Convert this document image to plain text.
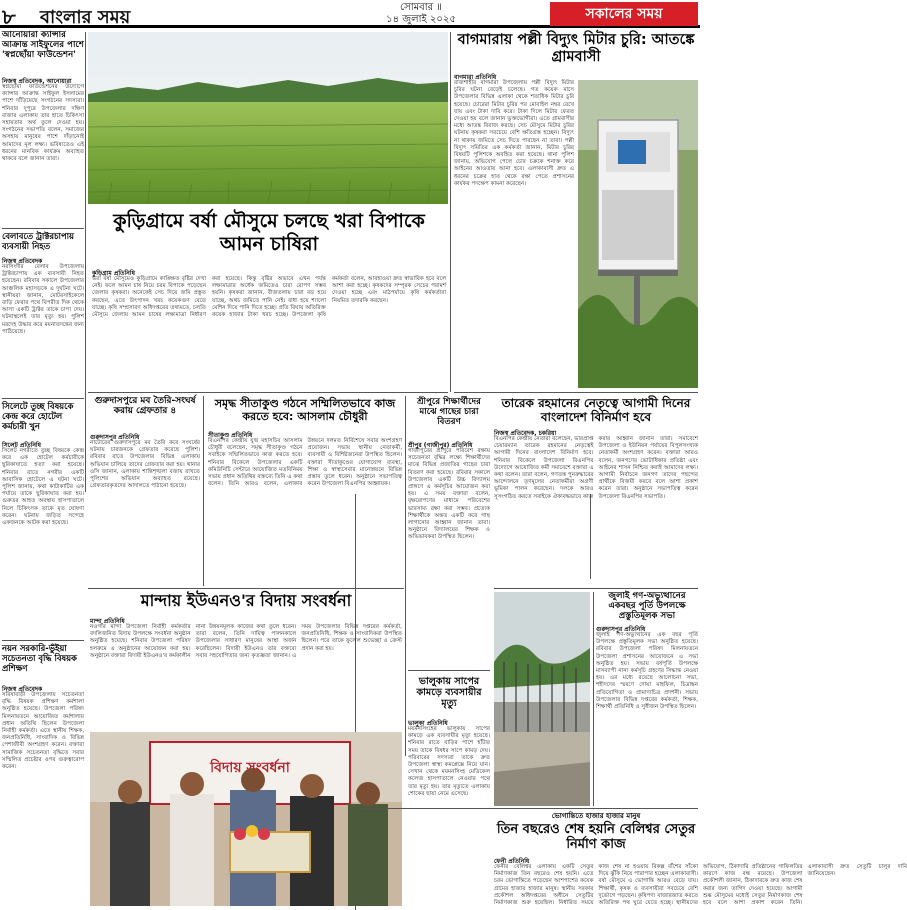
৮ বাংলার সময়	সোমবার ॥
১৪ জুলাই ২০২৫	সকালের সময়
আনোয়ারা ক্যান্সার আক্রান্ত সাইফুলের পাশে 'স্বপ্নছোঁয়া ফাউন্ডেশন'
নিজস্ব প্রতিবেদক, আনোয়ারা
স্বপ্নছোঁয়া ফাউন্ডেশনের উদ্যোগে ক্যান্সার আক্রান্ত সাইফুল ইসলামের পাশে দাঁড়িয়েছে সংগঠনের সদস্যরা। শনিবার দুপুরে উপজেলার দক্ষিণ বাজার এলাকায় তার হাতে চিকিৎসা সহায়তার অর্থ তুলে দেওয়া হয়। সংগঠনের সভাপতি বলেন, সমাজের অসহায় মানুষের পাশে দাঁড়ানোই আমাদের মূল লক্ষ্য। ভবিষ্যতেও এই ধরনের মানবিক কার্যক্রম অব্যাহত থাকবে বলে জানান তারা।
বেলাবতে ট্রাক্টরচাপায় ব্যবসায়ী নিহত
নিজস্ব প্রতিবেদক
নরসিংদীর বেলাব উপজেলায় ট্রাক্টরচাপায় এক ব্যবসায়ী নিহত হয়েছেন। রবিবার সকালে উপজেলার আঞ্চলিক মহাসড়কে এ দুর্ঘটনা ঘটে। স্থানীয়রা জানান, মোটরসাইকেলে বাড়ি ফেরার পথে বিপরীত দিক থেকে আসা একটি ট্রাক্টর তাকে চাপা দেয়। ঘটনাস্থলেই তার মৃত্যু হয়। পুলিশ মরদেহ উদ্ধার করে ময়নাতদন্তের জন্য পাঠিয়েছে।
সিলেটে তুচ্ছ বিষয়কে কেন্দ্র করে হোটেল কর্মচারী খুন
সিলেট প্রতিনিধি
সিলেট নগরীতে তুচ্ছ বিষয়কে কেন্দ্র করে এক হোটেল কর্মচারীকে ছুরিকাঘাতে হত্যা করা হয়েছে। শনিবার রাতে নগরীর একটি আবাসিক হোটেলে এ ঘটনা ঘটে। পুলিশ জানায়, কথা কাটাকাটির এক পর্যায়ে তাকে ছুরিকাঘাত করা হয়। গুরুতর আহত অবস্থায় হাসপাতালে নিলে চিকিৎসক তাকে মৃত ঘোষণা করেন। ঘটনায় জড়িত সন্দেহে একজনকে আটক করা হয়েছে।
নয়ন সরকারি-ভুঁইয়া সচেতনতা বৃদ্ধি বিষয়ক প্রশিক্ষণ
নিজস্ব প্রতিবেদক
সরিষাবাড়ী উপজেলায় সচেতনতা বৃদ্ধি বিষয়ক প্রশিক্ষণ কর্মশালা অনুষ্ঠিত হয়েছে। উপজেলা পরিষদ মিলনায়তনে আয়োজিত কর্মশালায় প্রধান অতিথি ছিলেন উপজেলা নির্বাহী কর্মকর্তা। এতে স্থানীয় শিক্ষক, জনপ্রতিনিধি, সাংবাদিক ও বিভিন্ন পেশাজীবী অংশগ্রহণ করেন। বক্তারা সামাজিক সচেতনতা বৃদ্ধিতে সবার সম্মিলিত প্রচেষ্টার ওপর গুরুত্বারোপ করেন।
কুড়িগ্রামে বর্ষা মৌসুমে চলছে খরা বিপাকে আমন চাষিরা
কুড়িগ্রাম প্রতিনিধি
ভরা বর্ষা মৌসুমেও কুড়িগ্রামে কাঙ্ক্ষিত বৃষ্টির দেখা নেই। ফলে আমন চাষ নিয়ে চরম বিপাকে পড়েছেন জেলার কৃষকরা। অনেকেই সেচ দিয়ে জমি প্রস্তুত করছেন, এতে উৎপাদন খরচ কয়েকগুণ বেড়ে যাচ্ছে। কৃষি সম্প্রসারণ অধিদপ্তরের তথ্যমতে, চলতি মৌসুমে জেলায় আমন চাষের লক্ষ্যমাত্রা নির্ধারণ করা হয়েছে। কিন্তু বৃষ্টির অভাবে এখন পর্যন্ত লক্ষ্যমাত্রার অর্ধেক জমিতেও চারা রোপণ সম্ভব হয়নি। কৃষকরা জানান, বীজতলায় চারা বড় হয়ে যাচ্ছে, অথচ জমিতে পানি নেই। বাধ্য হয়ে শ্যালো মেশিন দিয়ে পানি দিতে হচ্ছে। প্রতি বিঘায় অতিরিক্ত কয়েক হাজার টাকা খরচ হচ্ছে। উপজেলা কৃষি কর্মকর্তা বলেন, আবহাওয়া দ্রুত স্বাভাবিক হবে বলে আশা করা হচ্ছে। কৃষকদের সম্পূরক সেচের পরামর্শ দেওয়া হচ্ছে এবং মাঠপর্যায়ে কৃষি কর্মকর্তারা নিয়মিত তদারকি করছেন।
গুরুদাসপুরে মব তৈরি-সংঘর্ষ করায় গ্রেফতার ৪
গুরুদাসপুর প্রতিনিধি
নাটোরের গুরুদাসপুরে মব তৈরি করে সংঘর্ষের ঘটনায় চারজনকে গ্রেফতার করেছে পুলিশ। রবিবার রাতে উপজেলার বিভিন্ন এলাকায় অভিযান চালিয়ে তাদের গ্রেফতার করা হয়। থানার ওসি জানান, এলাকায় শান্তিশৃঙ্খলা বজায় রাখতে পুলিশের অভিযান অব্যাহত রয়েছে। গ্রেফতারকৃতদের আদালতে পাঠানো হয়েছে।
সমৃদ্ধ সীতাকুণ্ড গঠনে সম্মিলিতভাবে কাজ করতে হবে: আসলাম চৌধুরী
সীতাকুণ্ড প্রতিনিধি
বিএনপির কেন্দ্রীয় যুগ্ম মহাসচিব আসলাম চৌধুরী বলেছেন, সমৃদ্ধ সীতাকুণ্ড গঠনে সবাইকে সম্মিলিতভাবে কাজ করতে হবে। শনিবার বিকেলে উপজেলার একটি কমিউনিটি সেন্টারে আয়োজিত মতবিনিময় সভায় প্রধান অতিথির বক্তব্যে তিনি এ কথা বলেন। তিনি আরও বলেন, এলাকার উন্নয়নে দলমত নির্বিশেষে সবার অংশগ্রহণ প্রয়োজন। সভায় স্থানীয় নেতাকর্মী, ব্যবসায়ী ও বিশিষ্টজনেরা উপস্থিত ছিলেন। বক্তারা সীতাকুণ্ডের যোগাযোগ ব্যবস্থা, শিক্ষা ও স্বাস্থ্যসেবার মানোন্নয়নে বিভিন্ন প্রস্তাব তুলে ধরেন। অনুষ্ঠানে সভাপতিত্ব করেন উপজেলা বিএনপির আহ্বায়ক।
শ্রীপুরে শিক্ষার্থীদের মাঝে গাছের চারা বিতরণ
শ্রীপুর (গাজীপুর) প্রতিনিধি
গাজীপুরের শ্রীপুরে পরিবেশ রক্ষায় সচেতনতা বৃদ্ধির লক্ষ্যে শিক্ষার্থীদের মাঝে বিভিন্ন প্রজাতির গাছের চারা বিতরণ করা হয়েছে। রবিবার সকালে উপজেলার একটি উচ্চ বিদ্যালয় প্রাঙ্গণে এ কর্মসূচির আয়োজন করা হয়। এ সময় বক্তারা বলেন, বৃক্ষরোপণের মাধ্যমে পরিবেশের ভারসাম্য রক্ষা করা সম্ভব। প্রত্যেক শিক্ষার্থীকে অন্তত একটি করে গাছ লাগানোর আহ্বান জানান তারা। অনুষ্ঠানে বিদ্যালয়ের শিক্ষক ও অভিভাবকরা উপস্থিত ছিলেন।
ভালুকায় সাপের কামড়ে ব্যবসায়ীর মৃত্যু
ভালুকা প্রতিনিধি
ময়মনসিংহের ভালুকায় সাপের কামড়ে এক ব্যবসায়ীর মৃত্যু হয়েছে। শনিবার রাতে বাড়ির পাশে হাঁটার সময় তাকে বিষধর সাপে কামড় দেয়। পরিবারের সদস্যরা তাকে দ্রুত উপজেলা স্বাস্থ্য কমপ্লেক্সে নিয়ে যান। সেখান থেকে ময়মনসিংহ মেডিকেল কলেজ হাসপাতালে নেওয়ার পথে তার মৃত্যু হয়। তার মৃত্যুতে এলাকায় শোকের ছায়া নেমে এসেছে।
মান্দায় ইউএনও'র বিদায় সংবর্ধনা
মান্দা প্রতিনিধি
নওগাঁর মান্দা উপজেলা নির্বাহী কর্মকর্তার বদলিজনিত বিদায় উপলক্ষে সংবর্ধনা অনুষ্ঠান অনুষ্ঠিত হয়েছে। শনিবার উপজেলা পরিষদ হলরুমে এ অনুষ্ঠানের আয়োজন করা হয়। অনুষ্ঠানে বক্তারা বিদায়ী ইউএনও'র কর্মকালীন নানা উন্নয়নমূলক কাজের কথা তুলে ধরেন। তারা বলেন, তিনি দায়িত্ব পালনকালে উপজেলার সাধারণ মানুষের আস্থা অর্জন করেছিলেন। বিদায়ী ইউএনও তার বক্তব্যে সবার সহযোগিতার জন্য কৃতজ্ঞতা জানান। এ সময় উপজেলার বিভিন্ন দপ্তরের কর্মকর্তা, জনপ্রতিনিধি, শিক্ষক ও সাংবাদিকরা উপস্থিত ছিলেন। পরে তাকে ফুলেল শুভেচ্ছা ও ক্রেস্ট প্রদান করা হয়।
বিদায় সংবর্ধনা
বাগমারায় পল্লী বিদ্যুৎ মিটার চুরি: আতঙ্কে গ্রামবাসী
বাগমারা প্রতিনিধি
রাজশাহীর বাগমারা উপজেলায় পল্লী বিদ্যুৎ মিটার চুরির ঘটনা বেড়েই চলেছে। গত কয়েক মাসে উপজেলার বিভিন্ন এলাকা থেকে শতাধিক মিটার চুরি হয়েছে। চোরেরা মিটার চুরির পর মোবাইল নম্বর রেখে যায় এবং টাকা দাবি করে। টাকা দিলে মিটার ফেরত দেওয়া হয় বলে জানান ভুক্তভোগীরা। এতে গ্রামবাসীর মধ্যে আতঙ্ক বিরাজ করছে। সেচ মৌসুমে মিটার চুরির ঘটনায় কৃষকরা সবচেয়ে বেশি ক্ষতিগ্রস্ত হচ্ছেন। বিদ্যুৎ না থাকায় জমিতে সেচ দিতে পারছেন না তারা। পল্লী বিদ্যুৎ সমিতির এক কর্মকর্তা জানান, মিটার চুরির বিষয়টি পুলিশকে অবহিত করা হয়েছে। থানা পুলিশ জানায়, অভিযোগ পেলে চোর চক্রকে শনাক্ত করে আইনের আওতায় আনা হবে। এলাকাবাসী দ্রুত এ ধরনের চক্রের হাত থেকে রক্ষা পেতে প্রশাসনের কার্যকর পদক্ষেপ কামনা করেছেন।
তারেক রহমানের নেতৃত্বে আগামী দিনের বাংলাদেশ বিনির্মাণ হবে
নিজস্ব প্রতিবেদক, চকরিয়া
বিএনপির কেন্দ্রীয় নেতারা বলেছেন, ভারপ্রাপ্ত চেয়ারম্যান তারেক রহমানের নেতৃত্বেই আগামী দিনের বাংলাদেশ বিনির্মাণ হবে। শনিবার বিকেলে উপজেলা বিএনপির উদ্যোগে আয়োজিত কর্মী সমাবেশে বক্তারা এ কথা বলেন। তারা বলেন, গণতন্ত্র পুনরুদ্ধারের আন্দোলনে তৃণমূলের নেতাকর্মীরা অগ্রণী ভূমিকা পালন করেছেন। দলকে আরও সুসংগঠিত করতে সবাইকে ঐক্যবদ্ধভাবে কাজ করার আহ্বান জানান তারা। সমাবেশে উপজেলা ও ইউনিয়ন পর্যায়ের বিপুলসংখ্যক নেতাকর্মী অংশগ্রহণ করেন। বক্তারা আরও বলেন, জনগণের ভোটাধিকার প্রতিষ্ঠা এবং আইনের শাসন নিশ্চিত করাই আমাদের লক্ষ্য। আগামী নির্বাচনে জনগণ তাদের পছন্দের প্রার্থীকে বিজয়ী করবে বলে আশা প্রকাশ করেন তারা। অনুষ্ঠানে সভাপতিত্ব করেন উপজেলা বিএনপির সভাপতি।
জুলাই গণ-অভ্যুত্থানের একবছর পূর্তি উপলক্ষে প্রস্তুতিমূলক সভা
গুরুদাসপুর প্রতিনিধি
জুলাই গণ-অভ্যুত্থানের এক বছর পূর্তি উপলক্ষে প্রস্তুতিমূলক সভা অনুষ্ঠিত হয়েছে। রবিবার উপজেলা পরিষদ মিলনায়তনে উপজেলা প্রশাসনের আয়োজনে এ সভা অনুষ্ঠিত হয়। সভায় বর্ষপূর্তি উপলক্ষে মাসব্যাপী নানা কর্মসূচি গ্রহণের সিদ্ধান্ত নেওয়া হয়। এর মধ্যে রয়েছে আলোচনা সভা, শহীদদের স্মরণে দোয়া মাহফিল, চিত্রাঙ্কন প্রতিযোগিতা ও প্রামাণ্যচিত্র প্রদর্শনী। সভায় উপজেলার বিভিন্ন দপ্তরের কর্মকর্তা, শিক্ষক, শিক্ষার্থী প্রতিনিধি ও সুধীজন উপস্থিত ছিলেন।
ভোগান্তিতে হাজার হাজার মানুষ
তিন বছরেও শেষ হয়নি বেলিশ্বর সেতুর নির্মাণ কাজ
ফেনী প্রতিনিধি
ফেনীর বেলিশ্বর এলাকায় একটি সেতুর নির্মাণকাজ তিন বছরেও শেষ হয়নি। এতে চরম ভোগান্তিতে পড়েছেন আশপাশের কয়েক গ্রামের হাজার হাজার মানুষ। স্থানীয় সরকার প্রকৌশল অধিদপ্তরের অধীনে সেতুটির নির্মাণকাজ শুরু হয়েছিল। নির্ধারিত সময়ে কাজ শেষ না হওয়ায় বিকল্প বাঁশের সাঁকো দিয়ে ঝুঁকি নিয়ে পারাপার হচ্ছেন এলাকাবাসী। বর্ষা মৌসুমে এ ভোগান্তি আরও বেড়ে যায়। শিক্ষার্থী, কৃষক ও ব্যবসায়ীরা সবচেয়ে বেশি দুর্ভোগে পড়ছেন। কৃষিপণ্য বাজারজাত করতে অতিরিক্ত পথ ঘুরে যেতে হচ্ছে। স্থানীয়দের অভিযোগ, ঠিকাদারি প্রতিষ্ঠানের গাফিলতির কারণে কাজ বন্ধ রয়েছে। উপজেলা প্রকৌশলী জানান, ঠিকাদারকে দ্রুত কাজ শেষ করার জন্য তাগিদ দেওয়া হয়েছে। আগামী শুষ্ক মৌসুমের মধ্যেই সেতুর নির্মাণকাজ শেষ হবে বলে আশা প্রকাশ করেন তিনি। এলাকাবাসী দ্রুত সেতুটি চালুর দাবি জানিয়েছেন।
